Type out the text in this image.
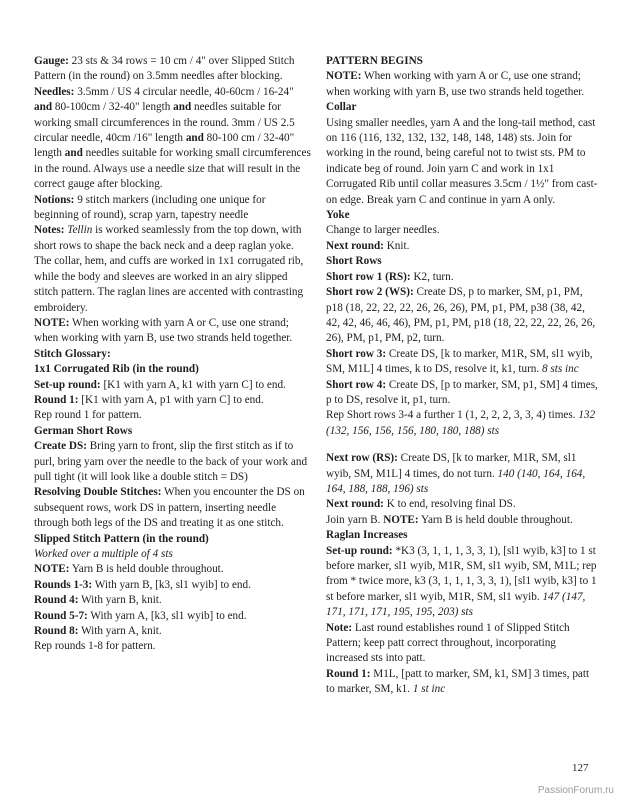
Gauge: 23 sts & 34 rows = 10 cm / 4" over Slipped Stitch Pattern (in the round) on 3.5mm needles after blocking.

Needles: 3.5mm / US 4 circular needle, 40-60cm / 16-24" and 80-100cm / 32-40" length and needles suitable for working small circumferences in the round. 3mm / US 2.5 circular needle, 40cm /16" length and 80-100 cm / 32-40" length and needles suitable for working small circumferences in the round. Always use a needle size that will result in the correct gauge after blocking.

Notions: 9 stitch markers (including one unique for beginning of round), scrap yarn, tapestry needle

Notes: Tellin is worked seamlessly from the top down, with short rows to shape the back neck and a deep raglan yoke. The collar, hem, and cuffs are worked in 1x1 corrugated rib, while the body and sleeves are worked in an airy slipped stitch pattern. The raglan lines are accented with contrasting embroidery.

NOTE: When working with yarn A or C, use one strand; when working with yarn B, use two strands held together.

Stitch Glossary:

1x1 Corrugated Rib (in the round)

Set-up round: [K1 with yarn A, k1 with yarn C] to end.

Round 1: [K1 with yarn A, p1 with yarn C] to end.

Rep round 1 for pattern.

German Short Rows

Create DS: Bring yarn to front, slip the first stitch as if to purl, bring yarn over the needle to the back of your work and pull tight (it will look like a double stitch = DS)

Resolving Double Stitches: When you encounter the DS on subsequent rows, work DS in pattern, inserting needle through both legs of the DS and treating it as one stitch.

Slipped Stitch Pattern (in the round)

Worked over a multiple of 4 sts

NOTE: Yarn B is held double throughout.

Rounds 1-3: With yarn B, [k3, sl1 wyib] to end.

Round 4: With yarn B, knit.

Round 5-7: With yarn A, [k3, sl1 wyib] to end.

Round 8: With yarn A, knit.

Rep rounds 1-8 for pattern.

PATTERN BEGINS

NOTE: When working with yarn A or C, use one strand; when working with yarn B, use two strands held together.

Collar

Using smaller needles, yarn A and the long-tail method, cast on 116 (116, 132, 132, 132, 148, 148, 148) sts. Join for working in the round, being careful not to twist sts. PM to indicate beg of round. Join yarn C and work in 1x1 Corrugated Rib until collar measures 3.5cm / 1½" from cast-on edge. Break yarn C and continue in yarn A only.

Yoke

Change to larger needles.

Next round: Knit.

Short Rows

Short row 1 (RS): K2, turn.

Short row 2 (WS): Create DS, p to marker, SM, p1, PM, p18 (18, 22, 22, 22, 26, 26, 26), PM, p1, PM, p38 (38, 42, 42, 42, 46, 46, 46), PM, p1, PM, p18 (18, 22, 22, 22, 26, 26, 26), PM, p1, PM, p2, turn.

Short row 3: Create DS, [k to marker, M1R, SM, sl1 wyib, SM, M1L] 4 times, k to DS, resolve it, k1, turn. 8 sts inc

Short row 4: Create DS, [p to marker, SM, p1, SM] 4 times, p to DS, resolve it, p1, turn.

Rep Short rows 3-4 a further 1 (1, 2, 2, 2, 3, 3, 4) times. 132 (132, 156, 156, 156, 180, 180, 188) sts

Next row (RS): Create DS, [k to marker, M1R, SM, sl1 wyib, SM, M1L] 4 times, do not turn. 140 (140, 164, 164, 164, 188, 188, 196) sts

Next round: K to end, resolving final DS.

Join yarn B. NOTE: Yarn B is held double throughout.

Raglan Increases

Set-up round: *K3 (3, 1, 1, 1, 3, 3, 1), [sl1 wyib, k3] to 1 st before marker, sl1 wyib, M1R, SM, sl1 wyib, SM, M1L; rep from * twice more, k3 (3, 1, 1, 1, 3, 3, 1), [sl1 wyib, k3] to 1 st before marker, sl1 wyib, M1R, SM, sl1 wyib. 147 (147, 171, 171, 171, 195, 195, 203) sts

Note: Last round establishes round 1 of Slipped Stitch Pattern; keep patt correct throughout, incorporating increased sts into patt.

Round 1: M1L, [patt to marker, SM, k1, SM] 3 times, patt to marker, SM, k1. 1 st inc

127
PassionForum.ru
